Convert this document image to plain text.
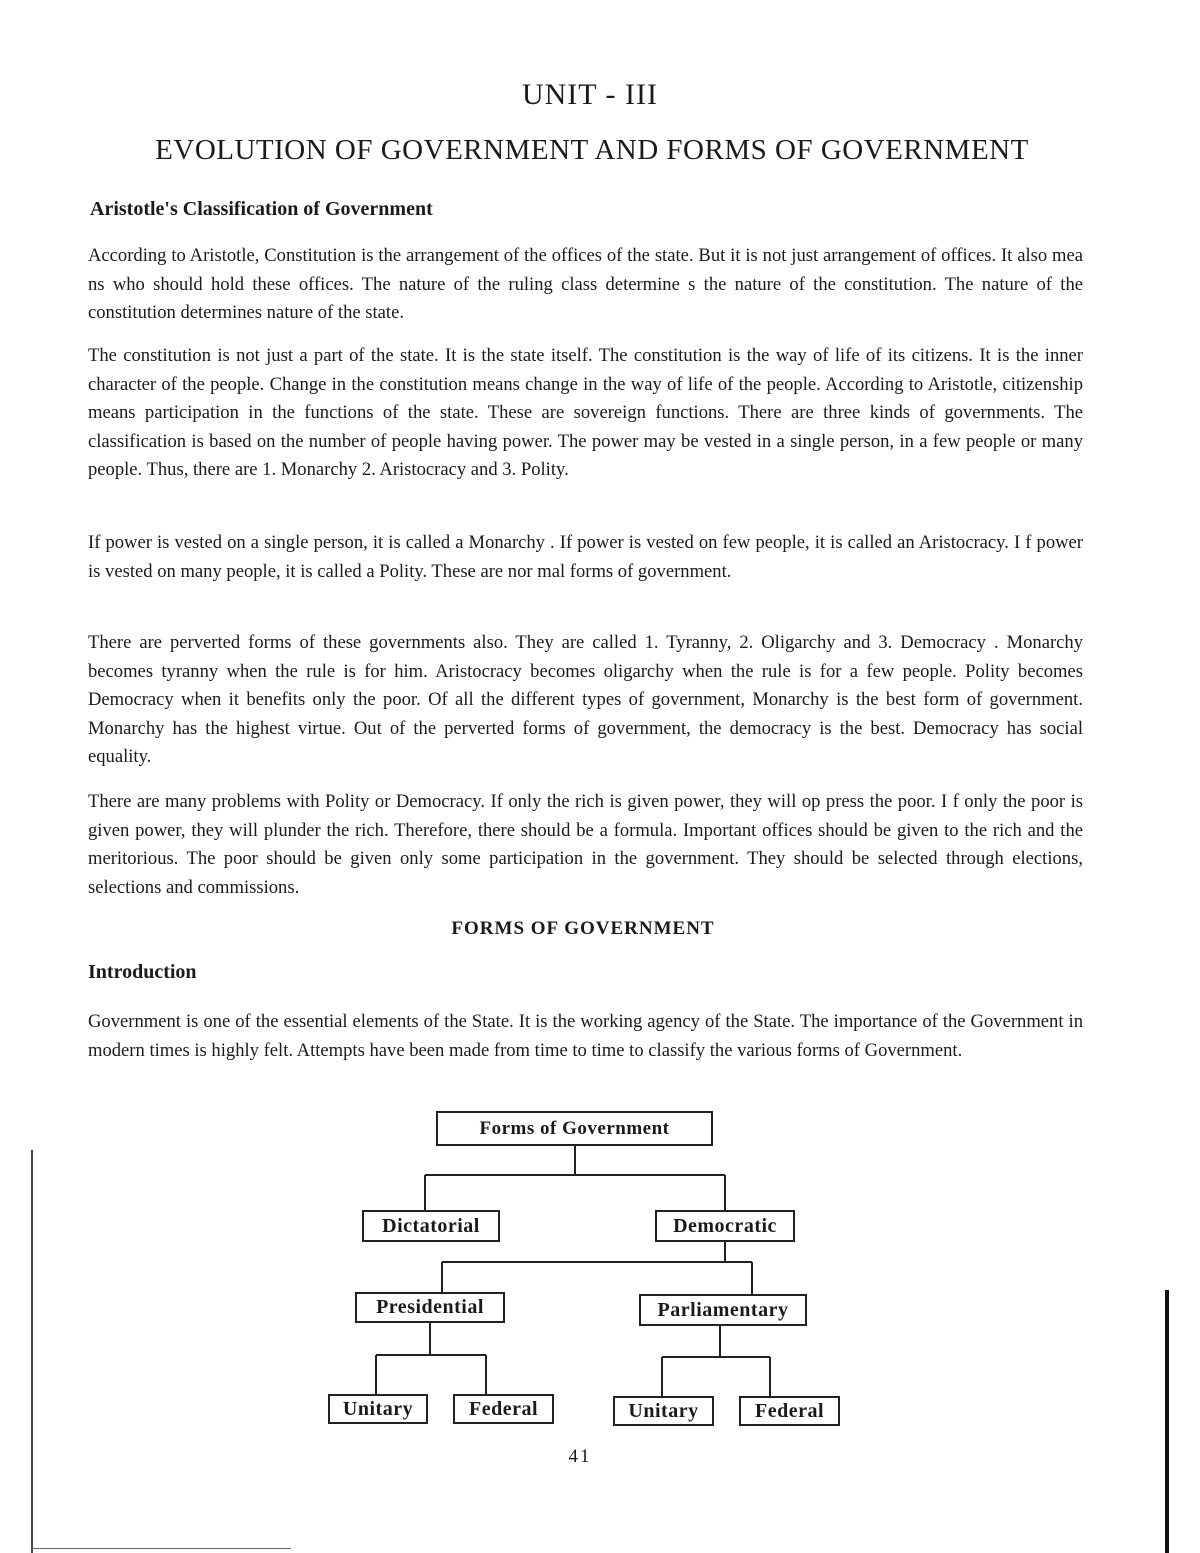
UNIT - III
EVOLUTION OF GOVERNMENT AND FORMS OF GOVERNMENT
Aristotle's Classification of Government

According to Aristotle, Constitution is the arrangement of the offices of the state. But it is not just arrangement of offices. It also mea ns who should hold these offices. The nature of the ruling class determine s the nature of the constitution. The nature of the constitution determines nature of the state.

The constitution is not just a part of the state. It is the state itself. The constitution is the way of life of its citizens. It is the inner character of the people. Change in the constitution means change in the way of life of the people. According to Aristotle, citizenship means participation in the functions of the state. These are sovereign functions. There are three kinds of governments. The classification is based on the number of people having power. The power may be vested in a single person, in a few people or many people. Thus, there are 1. Monarchy 2. Aristocracy and 3. Polity.

If power is vested on a single person, it is called a Monarchy . If power is vested on few people, it is called an Aristocracy. I f power is vested on many people, it is called a Polity. These are nor mal forms of government.

There are perverted forms of these governments also. They are called 1. Tyranny, 2. Oligarchy and 3. Democracy . Monarchy becomes tyranny when the rule is for him. Aristocracy becomes oligarchy when the rule is for a few people. Polity becomes Democracy when it benefits only the poor. Of all the different types of government, Monarchy is the best form of government. Monarchy has the highest virtue. Out of the perverted forms of government, the democracy is the best. Democracy has social equality.

There are many problems with Polity or Democracy. If only the rich is given power, they will op press the poor. I f only the poor is given power, they will plunder the rich. Therefore, there should be a formula. Important offices should be given to the rich and the meritorious. The poor should be given only some participation in the government. They should be selected through elections, selections and commissions.

FORMS OF GOVERNMENT
Introduction

Government is one of the essential elements of the State. It is the working agency of the State. The importance of the Government in modern times is highly felt. Attempts have been made from time to time to classify the various forms of Government.

Forms of Government
Dictatorial	Democratic
Presidential	Parliamentary
Unitary	Federal	Unitary	Federal
41
